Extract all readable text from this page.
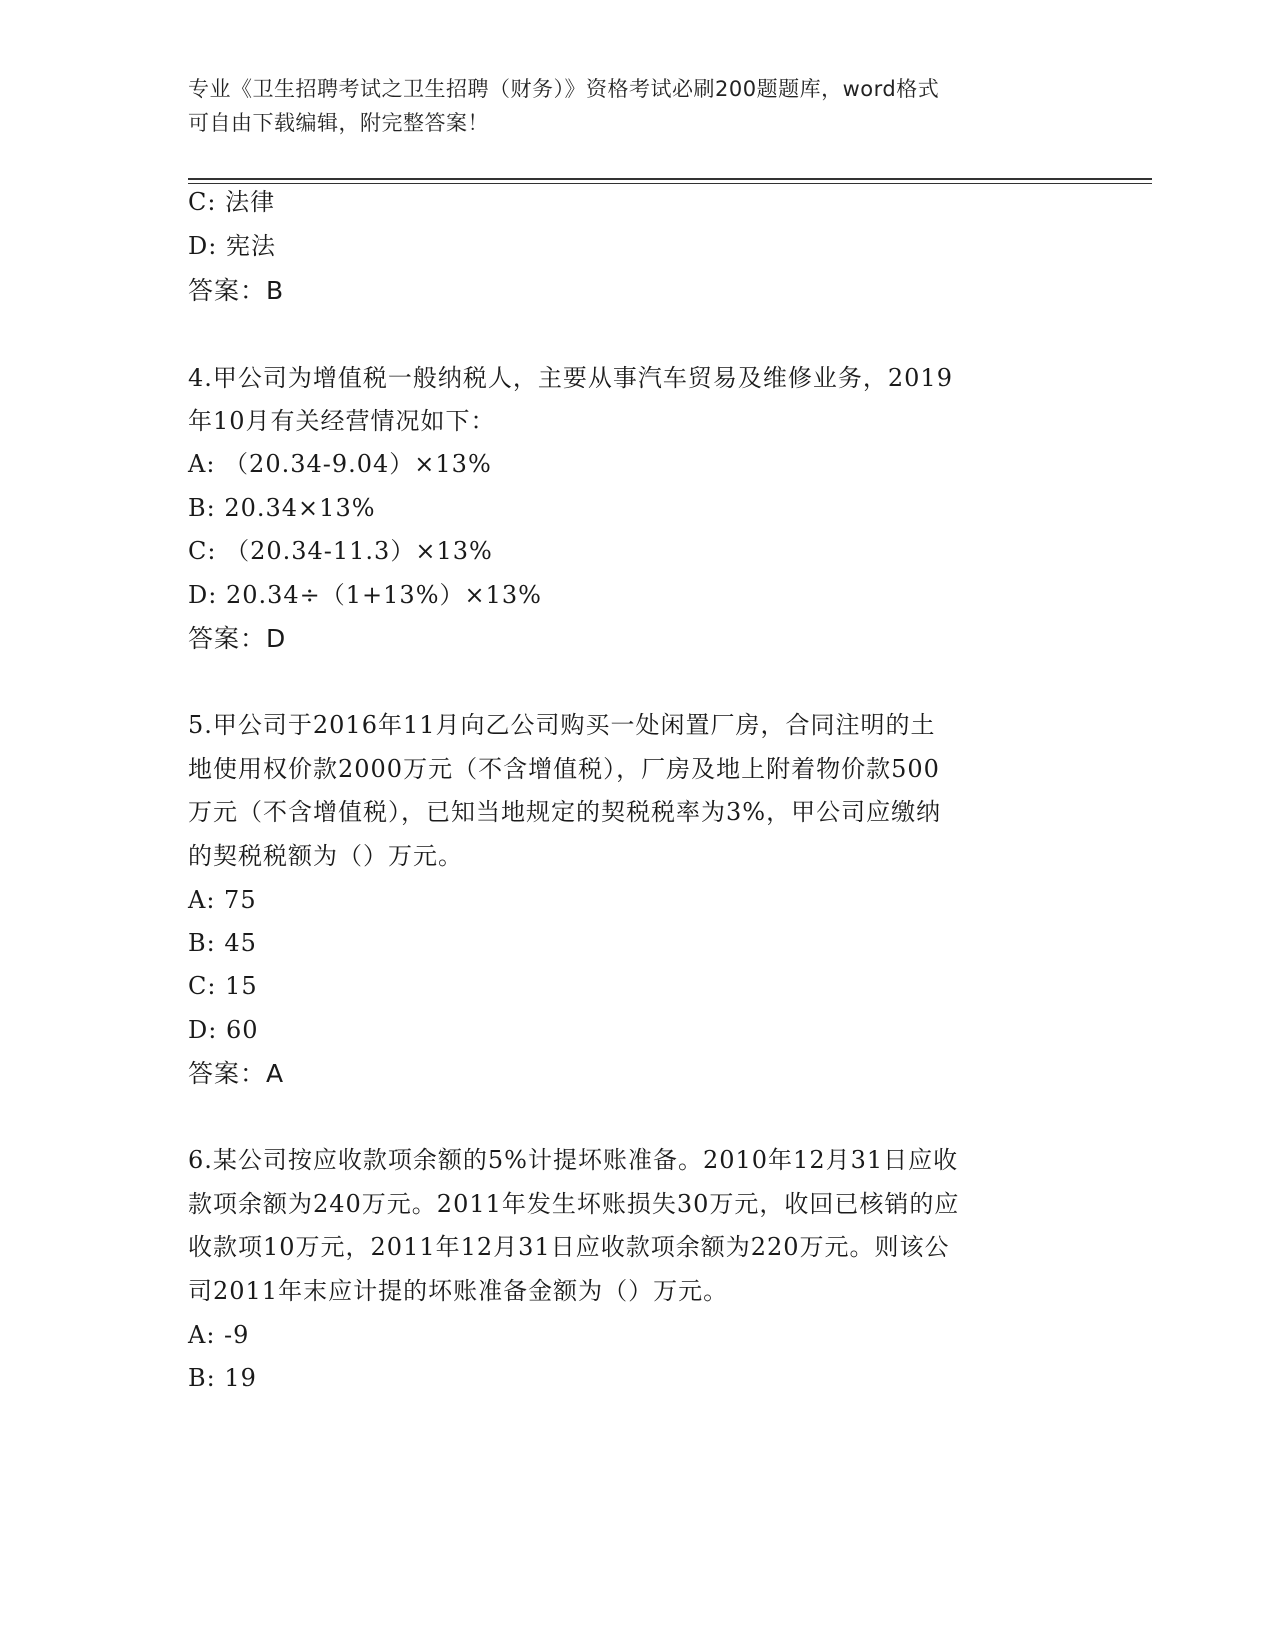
专业《卫生招聘考试之卫生招聘（财务）》资格考试必刷200题题库，word格式
可自由下载编辑，附完整答案！
C: 法律
D: 宪法
答案：B
4.甲公司为增值税一般纳税人，主要从事汽车贸易及维修业务，2019
年10月有关经营情况如下：
A: （20.34-9.04）×13%
B: 20.34×13%
C: （20.34-11.3）×13%
D: 20.34÷（1+13%）×13%
答案：D
5.甲公司于2016年11月向乙公司购买一处闲置厂房，合同注明的土
地使用权价款2000万元（不含增值税），厂房及地上附着物价款500
万元（不含增值税），已知当地规定的契税税率为3%，甲公司应缴纳
的契税税额为（）万元。
A: 75
B: 45
C: 15
D: 60
答案：A
6.某公司按应收款项余额的5%计提坏账准备。2010年12月31日应收
款项余额为240万元。2011年发生坏账损失30万元，收回已核销的应
收款项10万元，2011年12月31日应收款项余额为220万元。则该公
司2011年末应计提的坏账准备金额为（）万元。
A: -9
B: 19
